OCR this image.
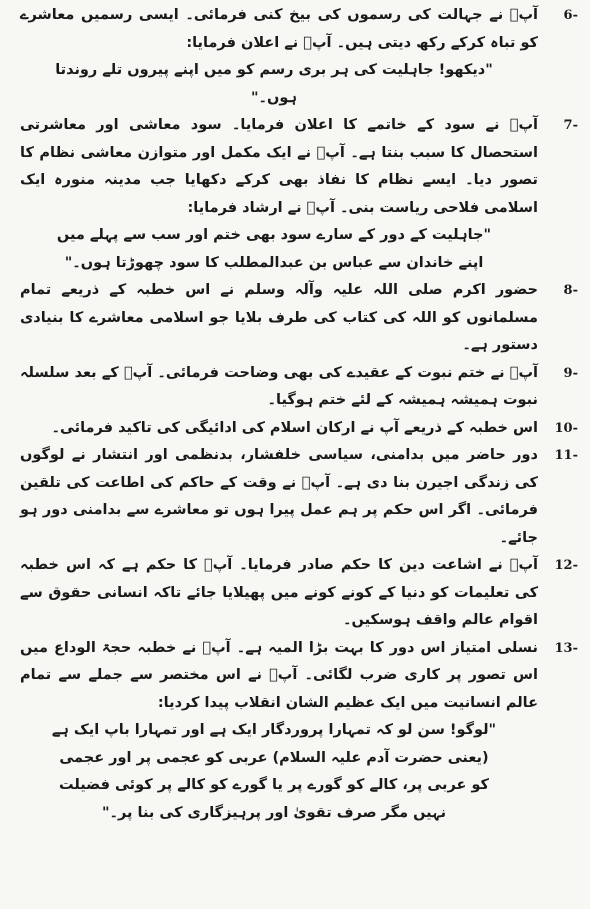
6-

آپؐ نے جہالت کی رسموں کی بیخ کنی فرمائی۔ ایسی رسمیں معاشرے کو تباہ کرکے رکھ دیتی ہیں۔ آپؐ نے اعلان فرمایا:

"دیکھو! جاہلیت کی ہر بری رسم کو میں اپنے پیروں تلے روندتا ہوں۔"

7-

آپؐ نے سود کے خاتمے کا اعلان فرمایا۔ سود معاشی اور معاشرتی استحصال کا سبب بنتا ہے۔ آپؐ نے ایک مکمل اور متوازن معاشی نظام کا تصور دیا۔ ایسے نظام کا نفاذ بھی کرکے دکھایا جب مدینہ منورہ ایک اسلامی فلاحی ریاست بنی۔ آپؐ نے ارشاد فرمایا:

"جاہلیت کے دور کے سارے سود بھی ختم اور سب سے پہلے میں اپنے خاندان سے عباس بن عبدالمطلب کا سود چھوڑتا ہوں۔"

8-

حضور اکرم صلی اللہ علیہ وآلہ وسلم نے اس خطبہ کے ذریعے تمام مسلمانوں کو اللہ کی کتاب کی طرف بلایا جو اسلامی معاشرے کا بنیادی دستور ہے۔

9-

آپؐ نے ختم نبوت کے عقیدے کی بھی وضاحت فرمائی۔ آپؐ کے بعد سلسلہ نبوت ہمیشہ ہمیشہ کے لئے ختم ہوگیا۔

10-

اس خطبہ کے ذریعے آپ نے ارکان اسلام کی ادائیگی کی تاکید فرمائی۔

11-

دور حاضر میں بدامنی، سیاسی خلفشار، بدنظمی اور انتشار نے لوگوں کی زندگی اجیرن بنا دی ہے۔ آپؐ نے وقت کے حاکم کی اطاعت کی تلقین فرمائی۔ اگر اس حکم پر ہم عمل پیرا ہوں تو معاشرے سے بدامنی دور ہو جائے۔

12-

آپؐ نے اشاعت دین کا حکم صادر فرمایا۔ آپؐ کا حکم ہے کہ اس خطبہ کی تعلیمات کو دنیا کے کونے کونے میں پھیلایا جائے تاکہ انسانی حقوق سے اقوام عالم واقف ہوسکیں۔

13-

نسلی امتیاز اس دور کا بہت بڑا المیہ ہے۔ آپؐ نے خطبہ حجۃ الوداع میں اس تصور پر کاری ضرب لگائی۔ آپؐ نے اس مختصر سے جملے سے تمام عالم انسانیت میں ایک عظیم الشان انقلاب پیدا کردیا:

"لوگو! سن لو کہ تمہارا پروردگار ایک ہے اور تمہارا باپ ایک ہے (یعنی حضرت آدم علیہ السلام) عربی کو عجمی پر اور عجمی کو عربی پر، کالے کو گورے پر یا گورے کو کالے پر کوئی فضیلت نہیں مگر صرف تقویٰ اور پرہیزگاری کی بنا پر۔"
